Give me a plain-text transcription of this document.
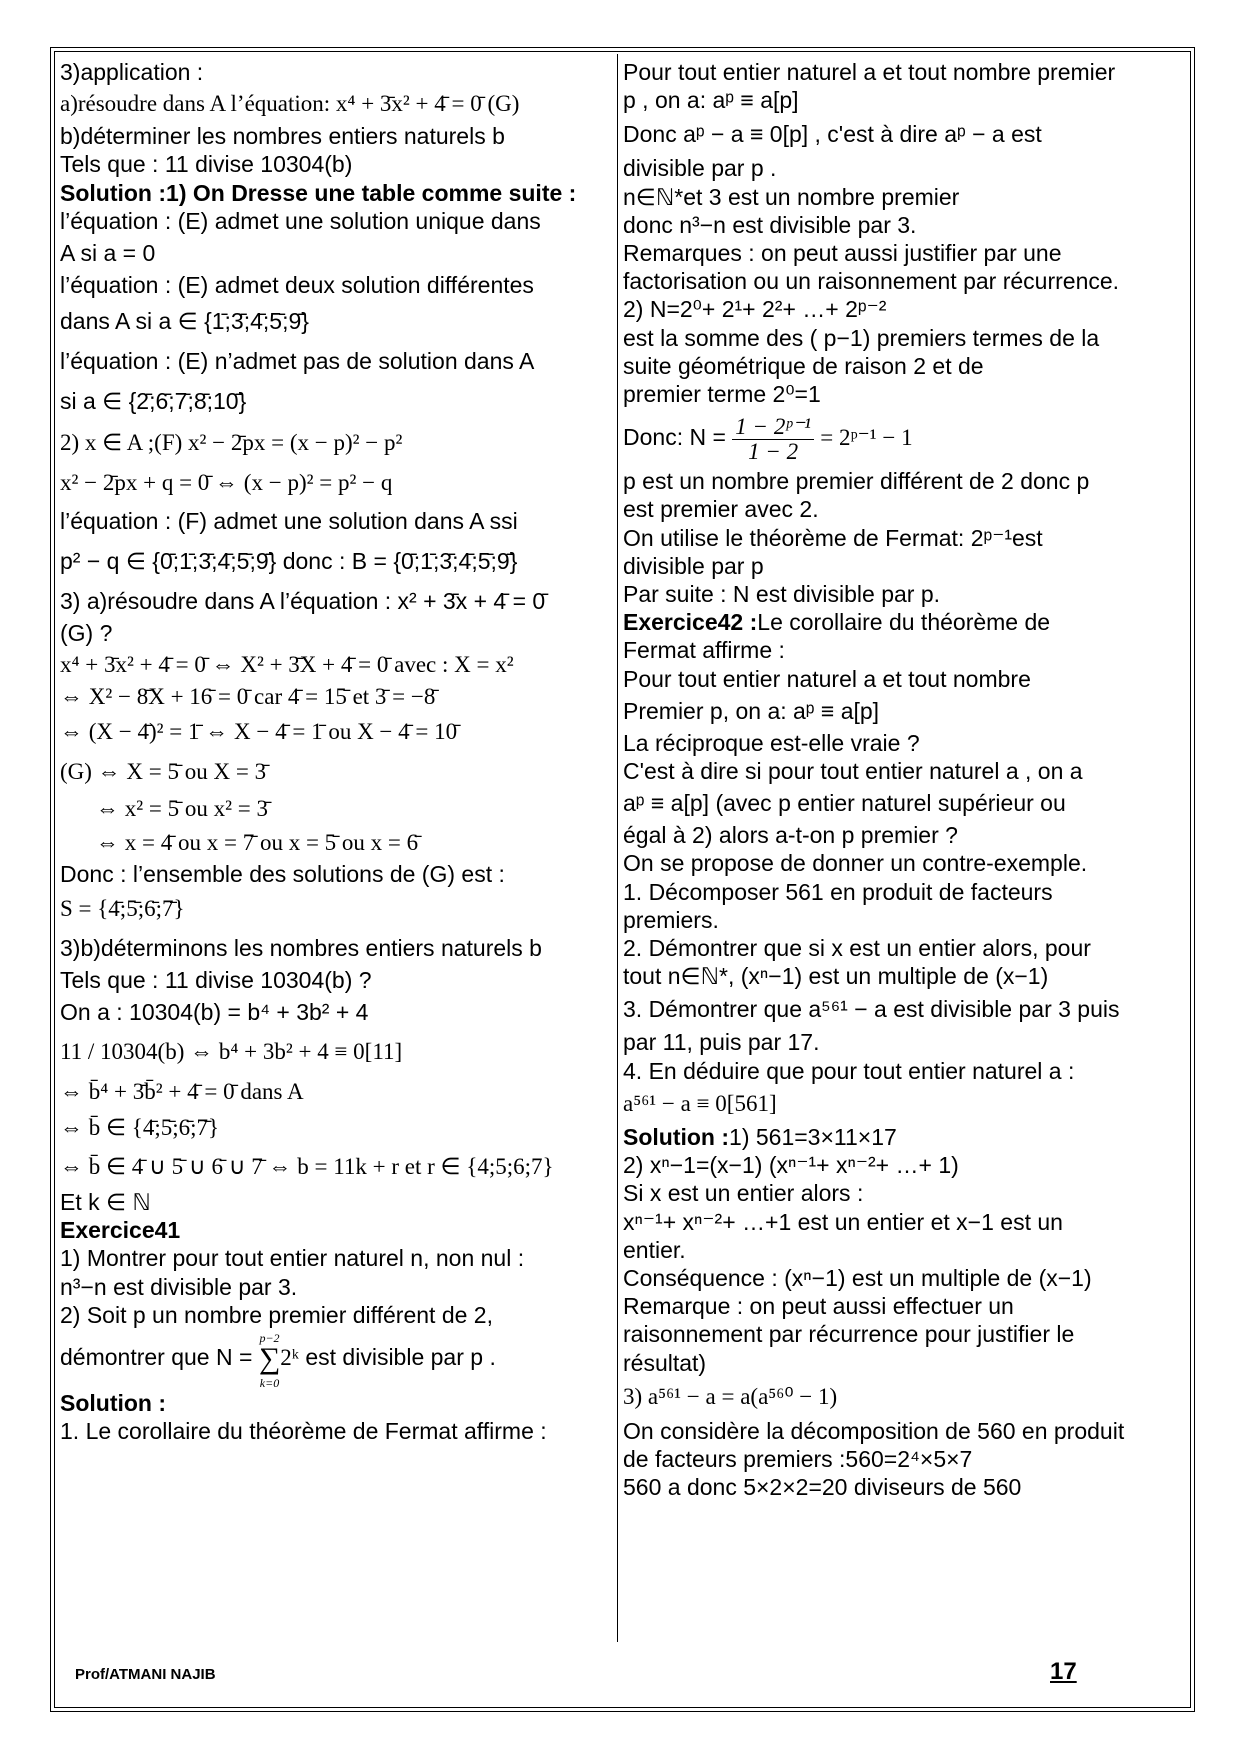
3)application :

a)résoudre dans A l’équation: x⁴ + 3̄x² + 4̄ = 0̄ (G)

b)déterminer les nombres entiers naturels b

Tels que : 11 divise 10304(b)

Solution :1) On Dresse une table comme suite :

l’équation : (E) admet une solution unique dans

A si a = 0

l’équation : (E) admet deux solution différentes

dans A si a ∈ {1̄;3̄;4̄;5̄;9̄}

l’équation : (E) n’admet pas de solution dans A

si a ∈ {2̄;6̄;7̄;8̄;10̄}

2) x ∈ A ;(F) x² − 2̄px = (x − p)² − p²

x² − 2̄px + q = 0̄ ⇔ (x − p)² = p² − q

l’équation : (F) admet une solution dans A ssi

p² − q ∈ {0̄;1̄;3̄;4̄;5̄;9̄} donc : B = {0̄;1̄;3̄;4̄;5̄;9̄}

3) a)résoudre dans A l’équation : x² + 3̄x + 4̄ = 0̄

(G) ?

x⁴ + 3̄x² + 4̄ = 0̄ ⇔ X² + 3̄X + 4̄ = 0̄ avec : X = x²

⇔ X² − 8̄X + 16̄ = 0̄ car 4̄ = 15̄ et 3̄ = −8̄

⇔ (X − 4̄)² = 1̄ ⇔ X − 4̄ = 1̄ ou X − 4̄ = 10̄

(G) ⇔ X = 5̄ ou X = 3̄

⇔ x² = 5̄ ou x² = 3̄

⇔ x = 4̄ ou x = 7̄ ou x = 5̄ ou x = 6̄

Donc : l’ensemble des solutions de (G) est :

S = {4̄;5̄;6̄;7̄}

3)b)déterminons les nombres entiers naturels b

Tels que : 11 divise 10304(b) ?

On a : 10304(b) = b⁴ + 3b² + 4

11 / 10304(b) ⇔ b⁴ + 3b² + 4 ≡ 0[11]

⇔ b̄⁴ + 3̄b̄² + 4̄ = 0̄ dans A

⇔ b̄ ∈ {4̄;5̄;6̄;7̄}

⇔ b̄ ∈ 4̄ ∪ 5̄ ∪ 6̄ ∪ 7̄ ⇔ b = 11k + r et r ∈ {4;5;6;7}

Et k ∈ ℕ

Exercice41

1) Montrer pour tout entier naturel n, non nul :

n³−n est divisible par 3.

2) Soit p un nombre premier différent de 2,

démontrer que N = p−2
∑
k=02ᵏ est divisible par p .

Solution :

1. Le corollaire du théorème de Fermat affirme :

Pour tout entier naturel a et tout nombre premier

p , on a: aᵖ ≡ a[p]

Donc aᵖ − a ≡ 0[p] , c'est à dire aᵖ − a est

divisible par p .

n∈ℕ*et 3 est un nombre premier

donc n³−n est divisible par 3.

Remarques : on peut aussi justifier par une

factorisation ou un raisonnement par récurrence.

2) N=2⁰+ 2¹+ 2²+ …+ 2ᵖ⁻²

est la somme des ( p−1) premiers termes de la

suite géométrique de raison 2 et de

premier terme 2⁰=1

Donc: $N = \frac{\text{1 − 2ᵖ⁻¹}}{1 - 2}$ = 2ᵖ⁻¹ − 1

p est un nombre premier différent de 2 donc p

est premier avec 2.

On utilise le théorème de Fermat: 2ᵖ⁻¹est

divisible par p

Par suite : N est divisible par p.

Exercice42 :Le corollaire du théorème de

Fermat affirme :

Pour tout entier naturel a et tout nombre

Premier p, on a: aᵖ ≡ a[p]

La réciproque est-elle vraie ?

C'est à dire si pour tout entier naturel a , on a

aᵖ ≡ a[p] (avec p entier naturel supérieur ou

égal à 2) alors a-t-on p premier ?

On se propose de donner un contre-exemple.

1. Décomposer 561 en produit de facteurs

premiers.

2. Démontrer que si x est un entier alors, pour

tout n∈ℕ*, (xⁿ−1) est un multiple de (x−1)

3. Démontrer que a⁵⁶¹ − a est divisible par 3 puis

par 11, puis par 17.

4. En déduire que pour tout entier naturel a :

a⁵⁶¹ − a ≡ 0[561]

Solution :1) 561=3×11×17

2) xⁿ−1=(x−1) (xⁿ⁻¹+ xⁿ⁻²+ …+ 1)

Si x est un entier alors :

xⁿ⁻¹+ xⁿ⁻²+ …+1 est un entier et x−1 est un

entier.

Conséquence : (xⁿ−1) est un multiple de (x−1)

Remarque : on peut aussi effectuer un

raisonnement par récurrence pour justifier le

résultat)

3) a⁵⁶¹ − a = a(a⁵⁶⁰ − 1)

On considère la décomposition de 560 en produit

de facteurs premiers :560=2⁴×5×7

560 a donc 5×2×2=20 diviseurs de 560

Prof/ATMANI NAJIB	17
